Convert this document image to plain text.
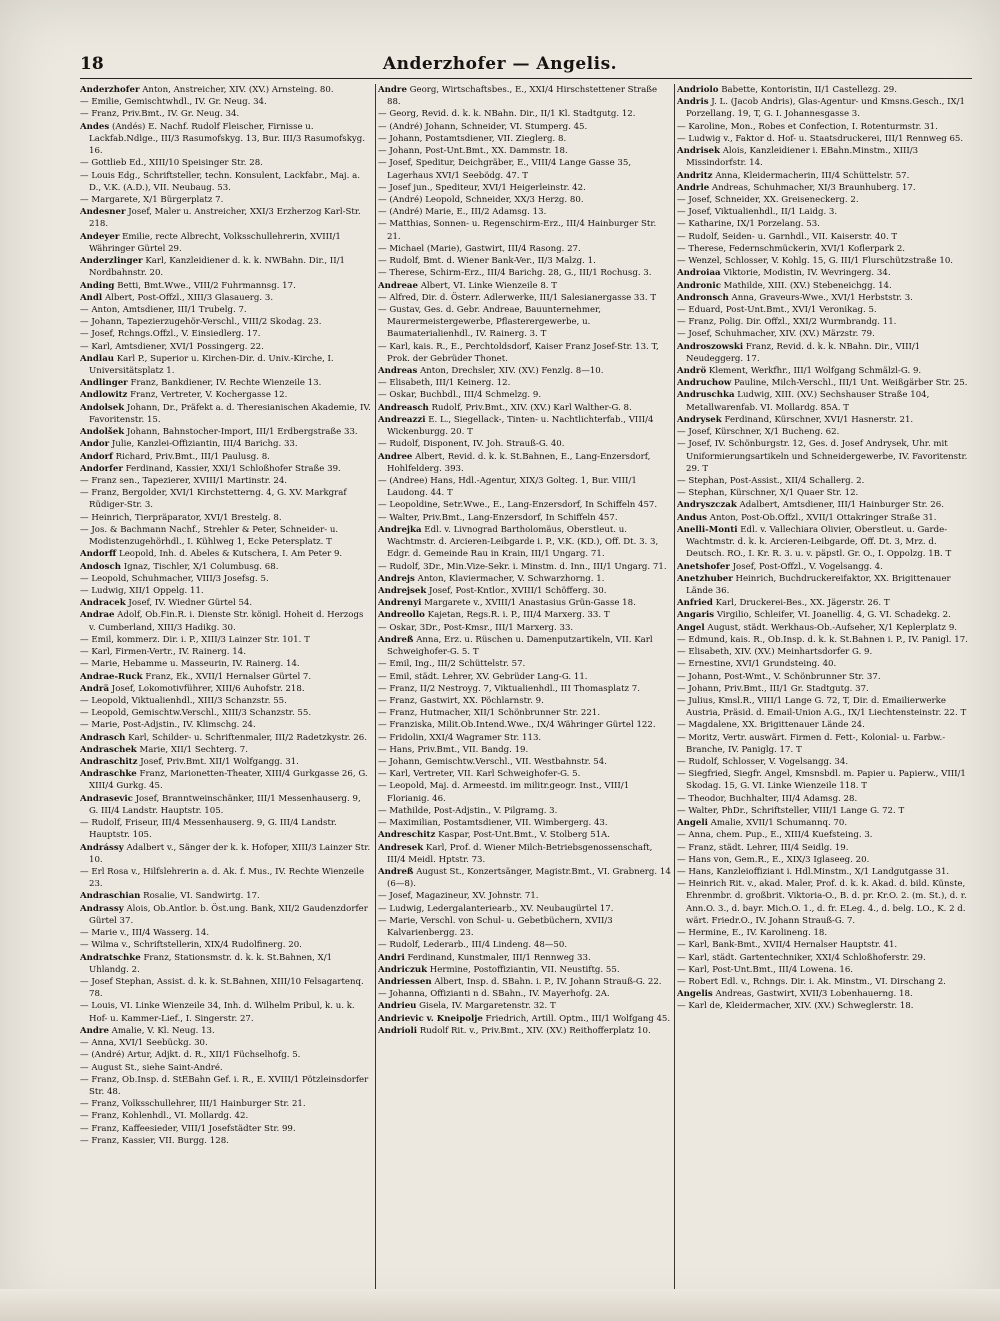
18	Anderzhofer — Angelis.

Anderzhofer Anton, Anstreicher, XIV. (XV.) Arnsteing. 80.

— Emilie, Gemischtwhdl., IV. Gr. Neug. 34.

— Franz, Priv.Bmt., IV. Gr. Neug. 34.

Andes (Andés) E. Nachf. Rudolf Fleischer, Firnisse u. Lackfab.Ndlge., III/3 Rasumofskyg. 13, Bur. III/3 Rasumofskyg. 16.

— Gottlieb Ed., XIII/10 Speisinger Str. 28.

— Louis Edg., Schriftsteller, techn. Konsulent, Lackfabr., Maj. a. D., V.K. (A.D.), VII. Neubaug. 53.

— Margarete, X/1 Bürgerplatz 7.

Andesner Josef, Maler u. Anstreicher, XXI/3 Erzherzog Karl-Str. 218.

Andeyer Emilie, recte Albrecht, Volksschullehrerin, XVIII/1 Währinger Gürtel 29.

Anderzlinger Karl, Kanzleidiener d. k. k. NWBahn. Dir., II/1 Nordbahnstr. 20.

Anding Betti, Bmt.Wwe., VIII/2 Fuhrmannsg. 17.

Andl Albert, Post-Offzl., XIII/3 Glasauerg. 3.

— Anton, Amtsdiener, III/1 Trubelg. 7.

— Johann, Tapezierzugehör-Verschl., VIII/2 Skodag. 23.

— Josef, Rchngs.Offzl., V. Einsiedlerg. 17.

— Karl, Amtsdiener, XVI/1 Possingerg. 22.

Andlau Karl P., Superior u. Kirchen-Dir. d. Univ.-Kirche, I. Universitätsplatz 1.

Andlinger Franz, Bankdiener, IV. Rechte Wienzeile 13.

Andlowitz Franz, Vertreter, V. Kochergasse 12.

Andolsek Johann, Dr., Präfekt a. d. Theresianischen Akademie, IV. Favoritenstr. 15.

Andolšek Johann, Bahnstocher-Import, III/1 Erdbergstraße 33.

Andor Julie, Kanzlei-Offiziantin, III/4 Barichg. 33.

Andorf Richard, Priv.Bmt., III/1 Paulusg. 8.

Andorfer Ferdinand, Kassier, XXI/1 Schloßhofer Straße 39.

— Franz sen., Tapezierer, XVIII/1 Martinstr. 24.

— Franz, Bergolder, XVI/1 Kirchstetterng. 4, G. XV. Markgraf Rüdiger-Str. 3.

— Heinrich, Tierpräparator, XVI/1 Brestelg. 8.

— Jos. & Bachmann Nachf., Strehler & Peter, Schneider- u. Modistenzugehörhdl., I. Kühlweg 1, Ecke Petersplatz. T

Andorff Leopold, Inh. d. Abeles & Kutschera, I. Am Peter 9.

Andosch Ignaz, Tischler, X/1 Columbusg. 68.

— Leopold, Schuhmacher, VIII/3 Josefsg. 5.

— Ludwig, XII/1 Oppelg. 11.

Andracek Josef, IV. Wiedner Gürtel 54.

Andrae Adolf, Ob.Fin.R. i. Dienste Str. königl. Hoheit d. Herzogs v. Cumberland, XIII/3 Hadikg. 30.

— Emil, kommerz. Dir. i. P., XIII/3 Lainzer Str. 101. T

— Karl, Firmen-Vertr., IV. Rainerg. 14.

— Marie, Hebamme u. Masseurin, IV. Rainerg. 14.

Andrae-Ruck Franz, Ek., XVII/1 Hernalser Gürtel 7.

Andrä Josef, Lokomotivführer, XIII/6 Auhofstr. 218.

— Leopold, Viktualienhdl., XIII/3 Schanzstr. 55.

— Leopold, Gemischtw.Verschl., XIII/3 Schanzstr. 55.

— Marie, Post-Adjstin., IV. Klimschg. 24.

Andrasch Karl, Schilder- u. Schriftenmaler, III/2 Radetzkystr. 26.

Andraschek Marie, XII/1 Sechterg. 7.

Andraschitz Josef, Priv.Bmt. XII/1 Wolfgangg. 31.

Andraschke Franz, Marionetten-Theater, XIII/4 Gurkgasse 26, G. XIII/4 Gurkg. 45.

Andrasevic Josef, Branntweinschänker, III/1 Messenhauserg. 9, G. III/4 Landstr. Hauptstr. 105.

— Rudolf, Friseur, III/4 Messenhauserg. 9, G. III/4 Landstr. Hauptstr. 105.

Andrássy Adalbert v., Sänger der k. k. Hofoper, XIII/3 Lainzer Str. 10.

— Erl Rosa v., Hilfslehrerin a. d. Ak. f. Mus., IV. Rechte Wienzeile 23.

Andraschian Rosalie, VI. Sandwirtg. 17.

Andrassy Alois, Ob.Antlor. b. Öst.ung. Bank, XII/2 Gaudenzdorfer Gürtel 37.

— Marie v., III/4 Wasserg. 14.

— Wilma v., Schriftstellerin, XIX/4 Rudolfinerg. 20.

Andratschke Franz, Stationsmstr. d. k. k. St.Bahnen, X/1 Uhlandg. 2.

— Josef Stephan, Assist. d. k. k. St.Bahnen, XIII/10 Felsagartenq. 78.

— Louis, VI. Linke Wienzeile 34, Inh. d. Wilhelm Pribul, k. u. k. Hof- u. Kammer-Lief., I. Singerstr. 27.

Andre Amalie, V. Kl. Neug. 13.

— Anna, XVI/1 Seebückg. 30.

— (André) Artur, Adjkt. d. R., XII/1 Füchselhofg. 5.

— August St., siehe Saint-André.

— Franz, Ob.Insp. d. StEBahn Gef. i. R., E. XVIII/1 Pötzleinsdorfer Str. 48.

— Franz, Volksschullehrer, III/1 Hainburger Str. 21.

— Franz, Kohlenhdl., VI. Mollardg. 42.

— Franz, Kaffeesieder, VIII/1 Josefstädter Str. 99.

— Franz, Kassier, VII. Burgg. 128.

Andre Georg, Wirtschaftsbes., E., XXI/4 Hirschstettener Straße 88.

— Georg, Revid. d. k. k. NBahn. Dir., II/1 Kl. Stadtgutg. 12.

— (André) Johann, Schneider, VI. Stumperg. 45.

— Johann, Postamtsdiener, VII. Zieglerg. 8.

— Johann, Post-Unt.Bmt., XX. Dammstr. 18.

— Josef, Speditur, Deichgräber, E., VIII/4 Lange Gasse 35, Lagerhaus XVI/1 Seebödg. 47. T

— Josef jun., Spediteur, XVI/1 Heigerleinstr. 42.

— (André) Leopold, Schneider, XX/3 Herzg. 80.

— (André) Marie, E., III/2 Adamsg. 13.

— Matthias, Sonnen- u. Regenschirm-Erz., III/4 Hainburger Str. 21.

— Michael (Marie), Gastwirt, III/4 Rasong. 27.

— Rudolf, Bmt. d. Wiener Bank-Ver., II/3 Malzg. 1.

— Therese, Schirm-Erz., III/4 Barichg. 28, G., III/1 Rochusg. 3.

Andreae Albert, VI. Linke Wienzeile 8. T

— Alfred, Dir. d. Österr. Adlerwerke, III/1 Salesianergasse 33. T

— Gustav, Ges. d. Gebr. Andreae, Bauunternehmer, Maurermeistergewerbe, Pflasterergewerbe, u. Baumaterialienhdl., IV. Rainerg. 3. T

— Karl, kais. R., E., Perchtoldsdorf, Kaiser Franz Josef-Str. 13. T, Prok. der Gebrüder Thonet.

Andreas Anton, Drechsler, XIV. (XV.) Fenzlg. 8—10.

— Elisabeth, III/1 Keinerg. 12.

— Oskar, Buchbdl., III/4 Schmelzg. 9.

Andreasch Rudolf, Priv.Bmt., XIV. (XV.) Karl Walther-G. 8.

Andreazzi E. L., Siegellack-, Tinten- u. Nachtlichterfab., VIII/4 Wickenburgg. 20. T

— Rudolf, Disponent, IV. Joh. Strauß-G. 40.

Andree Albert, Revid. d. k. k. St.Bahnen, E., Lang-Enzersdorf, Hohlfelderg. 393.

— (Andree) Hans, Hdl.-Agentur, XIX/3 Golteg. 1, Bur. VIII/1 Laudong. 44. T

— Leopoldine, Setr.Wwe., E., Lang-Enzersdorf, In Schiffeln 457.

— Walter, Priv.Bmt., Lang-Enzersdorf, In Schiffeln 457.

Andrejka Edl. v. Livnograd Bartholomäus, Oberstleut. u. Wachtmstr. d. Arcieren-Leibgarde i. P., V.K. (KD.), Off. Dt. 3. 3, Edgr. d. Gemeinde Rau in Krain, III/1 Ungarg. 71.

— Rudolf, 3Dr., Min.Vize-Sekr. i. Minstm. d. Inn., III/1 Ungarg. 71.

Andrejs Anton, Klaviermacher, V. Schwarzhorng. 1.

Andrejsek Josef, Post-Kntlor., XVIII/1 Schöfferg. 30.

Andrenyi Margarete v., XVIII/1 Anastasius Grün-Gasse 18.

Andreollo Kajetan, Regs.R. i. P., III/4 Marxerg. 33. T

— Oskar, 3Dr., Post-Kmsr., III/1 Marxerg. 33.

Andreß Anna, Erz. u. Rüschen u. Damenputzartikeln, VII. Karl Schweighofer-G. 5. T

— Emil, Ing., III/2 Schüttelstr. 57.

— Emil, städt. Lehrer, XV. Gebrüder Lang-G. 11.

— Franz, II/2 Nestroyg. 7, Viktualienhdl., III Thomasplatz 7.

— Franz, Gastwirt, XX. Pöchlarnstr. 9.

— Franz, Hutmacher, XII/1 Schönbrunner Str. 221.

— Franziska, Milit.Ob.Intend.Wwe., IX/4 Währinger Gürtel 122.

— Fridolin, XXI/4 Wagramer Str. 113.

— Hans, Priv.Bmt., VII. Bandg. 19.

— Johann, Gemischtw.Verschl., VII. Westbahnstr. 54.

— Karl, Vertreter, VII. Karl Schweighofer-G. 5.

— Leopold, Maj. d. Armeestd. im militr.geogr. Inst., VIII/1 Florianig. 46.

— Mathilde, Post-Adjstin., V. Pilgramg. 3.

— Maximilian, Postamtsdiener, VII. Wimbergerg. 43.

Andreschitz Kaspar, Post-Unt.Bmt., V. Stolberg 51A.

Andresek Karl, Prof. d. Wiener Milch-Betriebsgenossenschaft, III/4 Meidl. Hptstr. 73.

Andreß August St., Konzertsänger, Magistr.Bmt., VI. Grabnerg. 14 (6—8).

— Josef, Magazineur, XV. Johnstr. 71.

— Ludwig, Ledergalanteriearb., XV. Neubaugürtel 17.

— Marie, Verschl. von Schul- u. Gebetbüchern, XVII/3 Kalvarienbergg. 23.

— Rudolf, Lederarb., III/4 Lindeng. 48—50.

Andri Ferdinand, Kunstmaler, III/1 Rennweg 33.

Andriczuk Hermine, Postoffiziantin, VII. Neustiftg. 55.

Andriessen Albert, Insp. d. SBahn. i. P., IV. Johann Strauß-G. 22.

— Johanna, Offizianti n d. SBahn., IV. Mayerhofg. 2A.

Andrieu Gisela, IV. Margaretenstr. 32. T

Andrievic v. Kneipolje Friedrich, Artill. Optm., III/1 Wolfgang 45.

Andrioli Rudolf Rit. v., Priv.Bmt., XIV. (XV.) Reithofferplatz 10.

Andriolo Babette, Kontoristin, II/1 Castellezg. 29.

Andris J. L. (Jacob Andris), Glas-Agentur- und Kmsns.Gesch., IX/1 Porzellang. 19, T, G. I. Johannesgasse 3.

— Karoline, Mon., Robes et Confection, I. Rotenturmstr. 31.

— Ludwig v., Faktor d. Hof- u. Staatsdruckerei, III/1 Rennweg 65.

Andrisek Alois, Kanzleidiener i. EBahn.Minstm., XIII/3 Missindorfstr. 14.

Andritz Anna, Kleidermacherin, III/4 Schüttelstr. 57.

Andrle Andreas, Schuhmacher, XI/3 Braunhuberg. 17.

— Josef, Schneider, XX. Greiseneckerg. 2.

— Josef, Viktualienhdl., II/1 Laidg. 3.

— Katharine, IX/1 Porzelang. 53.

— Rudolf, Seiden- u. Garnhdl., VII. Kaiserstr. 40. T

— Therese, Federnschmückerin, XVI/1 Koflerpark 2.

— Wenzel, Schlosser, V. Kohlg. 15, G. III/1 Flurschützstraße 10.

Androiaa Viktorie, Modistin, IV. Wevringerg. 34.

Andronic Mathilde, XIII. (XV.) Stebeneichgg. 14.

Andronsch Anna, Graveurs-Wwe., XVI/1 Herbststr. 3.

— Eduard, Post-Unt.Bmt., XVI/1 Veronikag. 5.

— Franz, Polig. Dir. Offzl., XXI/2 Wurmbrandg. 11.

— Josef, Schuhmacher, XIV. (XV.) Märzstr. 79.

Androszowski Franz, Revid. d. k. k. NBahn. Dir., VIII/1 Neudeggerg. 17.

Andrö Klement, Werkfhr., III/1 Wolfgang Schmälzl-G. 9.

Andruchow Pauline, Milch-Verschl., III/1 Unt. Weißgärber Str. 25.

Andruschka Ludwig, XIII. (XV.) Sechshauser Straße 104, Metallwarenfab. VI. Mollardg. 85A. T

Andrysek Ferdinand, Kürschner, XVI/1 Hasnerstr. 21.

— Josef, Kürschner, X/1 Bucheng. 62.

— Josef, IV. Schönburgstr. 12, Ges. d. Josef Andrysek, Uhr. mit Uniformierungsartikeln und Schneidergewerbe, IV. Favoritenstr. 29. T

— Stephan, Post-Assist., XII/4 Schallerg. 2.

— Stephan, Kürschner, X/1 Quaer Str. 12.

Andryszczak Adalbert, Amtsdiener, III/1 Hainburger Str. 26.

Andus Anton, Post-Ob.Offzl., XVII/1 Ottakringer Straße 31.

Anelli-Monti Edl. v. Vallechiara Olivier, Oberstleut. u. Garde-Wachtmstr. d. k. k. Arcieren-Leibgarde, Off. Dt. 3, Mrz. d. Deutsch. RO., I. Kr. R. 3. u. v. päpstl. Gr. O., I. Oppolzg. 1B. T

Anetshofer Josef, Post-Offzl., V. Vogelsangg. 4.

Anetzhuber Heinrich, Buchdruckereifaktor, XX. Brigittenauer Lände 36.

Anfried Karl, Druckerei-Bes., XX. Jägerstr. 26. T

Angaris Virgilio, Schleifer, VI. Joanellig. 4, G. VI. Schadekg. 2.

Angel August, städt. Werkhaus-Ob.-Aufseher, X/1 Keplerplatz 9.

— Edmund, kais. R., Ob.Insp. d. k. k. St.Bahnen i. P., IV. Panigl. 17.

— Elisabeth, XIV. (XV.) Meinhartsdorfer G. 9.

— Ernestine, XVI/1 Grundsteing. 40.

— Johann, Post-Wmt., V. Schönbrunner Str. 37.

— Johann, Priv.Bmt., III/1 Gr. Stadtgutg. 37.

— Julius, Kmsl.R., VIII/1 Lange G. 72, T, Dir. d. Emailierwerke Austria, Präsid. d. Email-Union A.G., IX/1 Liechtensteinstr. 22. T

— Magdalene, XX. Brigittenauer Lände 24.

— Moritz, Vertr. auswärt. Firmen d. Fett-, Kolonial- u. Farbw.-Branche, IV. Paniglg. 17. T

— Rudolf, Schlosser, V. Vogelsangg. 34.

— Siegfried, Siegfr. Angel, Kmsnsbdl. m. Papier u. Papierw., VIII/1 Skodag. 15, G. VI. Linke Wienzeile 118. T

— Theodor, Buchhalter, III/4 Adamsg. 28.

— Walter, PhDr., Schriftsteller, VIII/1 Lange G. 72. T

Angeli Amalie, XVII/1 Schumannq. 70.

— Anna, chem. Pup., E., XIII/4 Kuefsteing. 3.

— Franz, städt. Lehrer, III/4 Seidlg. 19.

— Hans von, Gem.R., E., XIX/3 Iglaseeg. 20.

— Hans, Kanzleioffiziant i. Hdl.Minstm., X/1 Landgutgasse 31.

— Heinrich Rit. v., akad. Maler, Prof. d. k. k. Akad. d. bild. Künste, Ehrenmbr. d. großbrit. Viktoria-O., B. d. pr. Kr.O. 2. (m. St.), d. r. Ann.O. 3., d. bayr. Mich.O. 1., d. fr. ELeg. 4., d. belg. LO., K. 2 d. wärt. Friedr.O., IV. Johann Strauß-G. 7.

— Hermine, E., IV. Karolineng. 18.

— Karl, Bank-Bmt., XVII/4 Hernalser Hauptstr. 41.

— Karl, städt. Gartentechniker, XXI/4 Schloßhoferstr. 29.

— Karl, Post-Unt.Bmt., III/4 Lowena. 16.

— Robert Edl. v., Rchngs. Dir. i. Ak. Minstm., VI. Dirschang 2.

Angelis Andreas, Gastwirt, XVII/3 Lobenhauerng. 18.

— Karl de, Kleidermacher, XIV. (XV.) Schweglerstr. 18.
